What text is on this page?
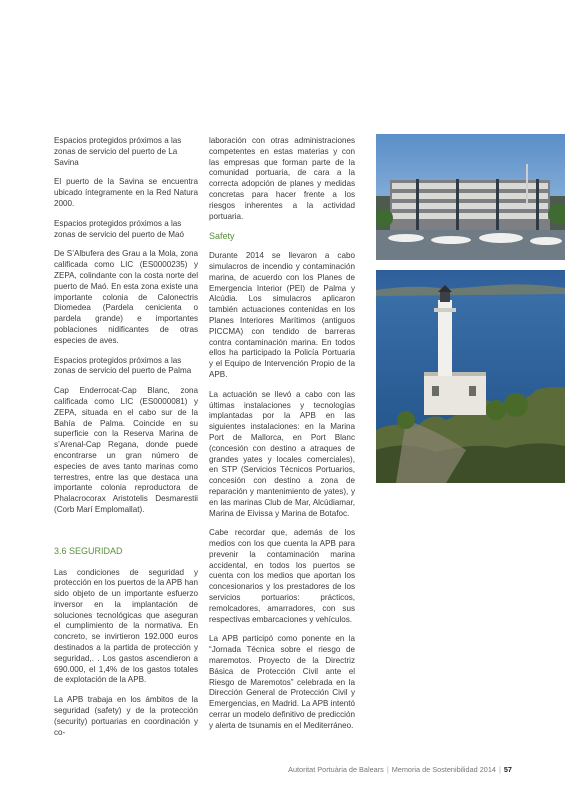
Espacios protegidos próximos a las zonas de servicio del puerto de La Savina

El puerto de la Savina se encuentra ubicado íntegramente en la Red Natura 2000.

Espacios protegidos próximos a las zonas de servicio del puerto de Maó

De S’Albufera des Grau a la Mola, zona calificada como LIC (ES0000235) y ZEPA, colindante con la costa norte del puerto de Maó. En esta zona existe una importante colonia de Calonectris Diomedea (Pardela cenicienta o pardela grande) e importantes poblaciones nidificantes de otras especies de aves.

Espacios protegidos próximos a las zonas de servicio del puerto de Palma

Cap Enderrocat-Cap Blanc, zona calificada como LIC (ES0000081) y ZEPA, situada en el cabo sur de la Bahía de Palma. Coincide en su superficie con la Reserva Marina de s’Arenal-Cap Regana, donde puede encontrarse un gran número de especies de aves tanto marinas como terrestres, entre las que destaca una importante colonia reproductora de Phalacrocorax Aristotelis Desmarestii (Corb Marí Emplomallat).

3.6 SEGURIDAD

Las condiciones de seguridad y protección en los puertos de la APB han sido objeto de un importante esfuerzo inversor en la implantación de soluciones tecnológicas que aseguran el cumplimiento de la normativa. En concreto, se invirtieron 192.000 euros destinados a la partida de protección y seguridad,. . Los gastos ascendieron a 690.000, el 1,4% de los gastos totales de explotación de la APB.

La APB trabaja en los ámbitos de la seguridad (safety) y de la protección (security) portuarias en coordinación y co-

laboración con otras administraciones competentes en estas materias y con las empresas que forman parte de la comunidad portuaria, de cara a la correcta adopción de planes y medidas concretas para hacer frente a los riesgos inherentes a la actividad portuaria.

Safety

Durante 2014 se llevaron a cabo simulacros de incendio y contaminación marina, de acuerdo con los Planes de Emergencia Interior (PEI) de Palma y Alcúdia. Los simulacros aplicaron también actuaciones contenidas en los Planes Interiores Marítimos (antiguos PICCMA) con tendido de barreras contra contaminación marina. En todos ellos ha participado la Policía Portuaria y el Equipo de Intervención Propio de la APB.

La actuación se llevó a cabo con las últimas instalaciones y tecnologías implantadas por la APB en las siguientes instalaciones: en la Marina Port de Mallorca, en Port Blanc (concesión con destino a atraques de grandes yates y locales comerciales), en STP (Servicios Técnicos Portuarios, concesión con destino a zona de reparación y mantenimiento de yates), y en las marinas Club de Mar, Alcúdiamar, Marina de Eivissa y Marina de Botafoc.

Cabe recordar que, además de los medios con los que cuenta la APB para prevenir la contaminación marina accidental, en todos los puertos se cuenta con los medios que aportan los concesionarios y los prestadores de los servicios portuarios: prácticos, remolcadores, amarradores, con sus respectivas embarcaciones y vehículos.

La APB participó como ponente en la “Jornada Técnica sobre el riesgo de maremotos. Proyecto de la Directriz Básica de Protección Civil ante el Riesgo de Maremotos” celebrada en la Dirección General de Protección Civil y Emergencias, en Madrid. La APB intentó cerrar un modelo definitivo de predicción y alerta de tsunamis en el Mediterráneo.

Autoritat Portuària de Balears | Memoria de Sostenibilidad 2014 | 57
